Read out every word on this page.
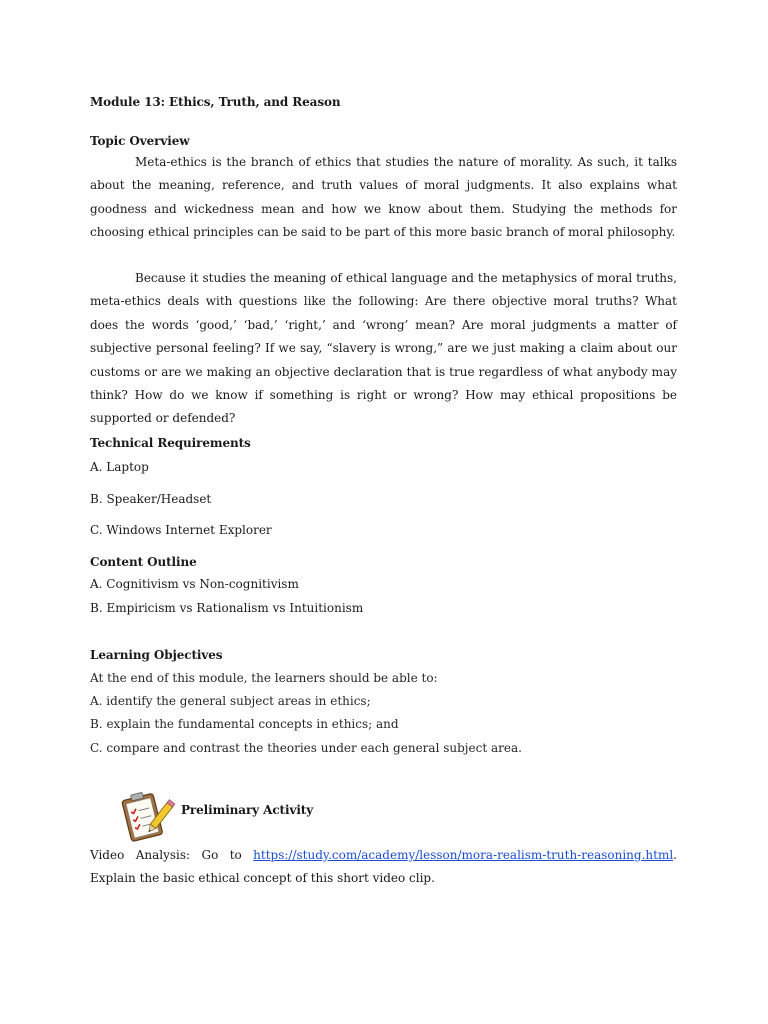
Module 13: Ethics, Truth, and Reason

Topic Overview

Meta-ethics is the branch of ethics that studies the nature of morality. As such, it talks about the meaning, reference, and truth values of moral judgments. It also explains what goodness and wickedness mean and how we know about them. Studying the methods for choosing ethical principles can be said to be part of this more basic branch of moral philosophy.

Because it studies the meaning of ethical language and the metaphysics of moral truths, meta-ethics deals with questions like the following: Are there objective moral truths? What does the words ‘good,’ ‘bad,’ ‘right,’ and ‘wrong’ mean? Are moral judgments a matter of subjective personal feeling? If we say, “slavery is wrong,” are we just making a claim about our customs or are we making an objective declaration that is true regardless of what anybody may think? How do we know if something is right or wrong? How may ethical propositions be supported or defended?

Technical Requirements

A. Laptop

B. Speaker/Headset

C. Windows Internet Explorer

Content Outline

A. Cognitivism vs Non-cognitivism

B. Empiricism vs Rationalism vs Intuitionism

Learning Objectives

At the end of this module, the learners should be able to:

A. identify the general subject areas in ethics;

B. explain the fundamental concepts in ethics; and

C. compare and contrast the theories under each general subject area.

Preliminary Activity

Video Analysis: Go to https://study.com/academy/lesson/mora-realism-truth-reasoning.html. Explain the basic ethical concept of this short video clip.
